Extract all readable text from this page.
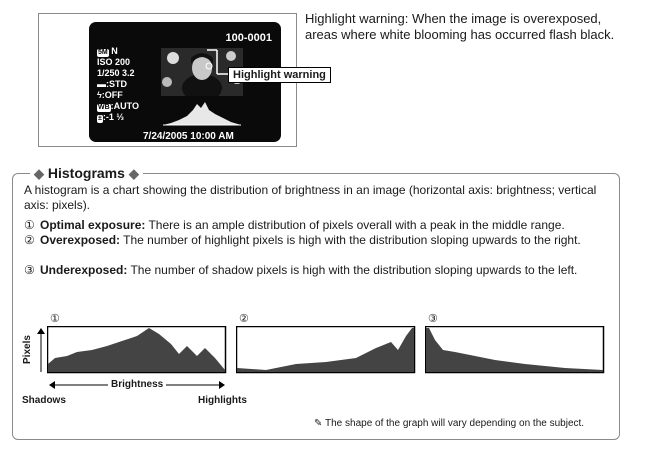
100-0001
5M N
ISO 200
1/250 3.2
▬:STD
ϟ:OFF
WB:AUTO
±:-1 ⅓
7/24/2005 10:00 AM
Highlight warning
Highlight warning: When the image is overexposed, areas where white blooming has occurred flash black.
◆ Histograms ◆
A histogram is a chart showing the distribution of brightness in an image (horizontal axis: brightness; vertical axis: pixels).
① Optimal exposure: There is an ample distribution of pixels overall with a peak in the middle range.
② Overexposed: The number of highlight pixels is high with the distribution sloping upwards to the right.
③ Underexposed: The number of shadow pixels is high with the distribution sloping upwards to the left.
①	②	③
Pixels
Brightness
Shadows	Highlights
✎ The shape of the graph will vary depending on the subject.
